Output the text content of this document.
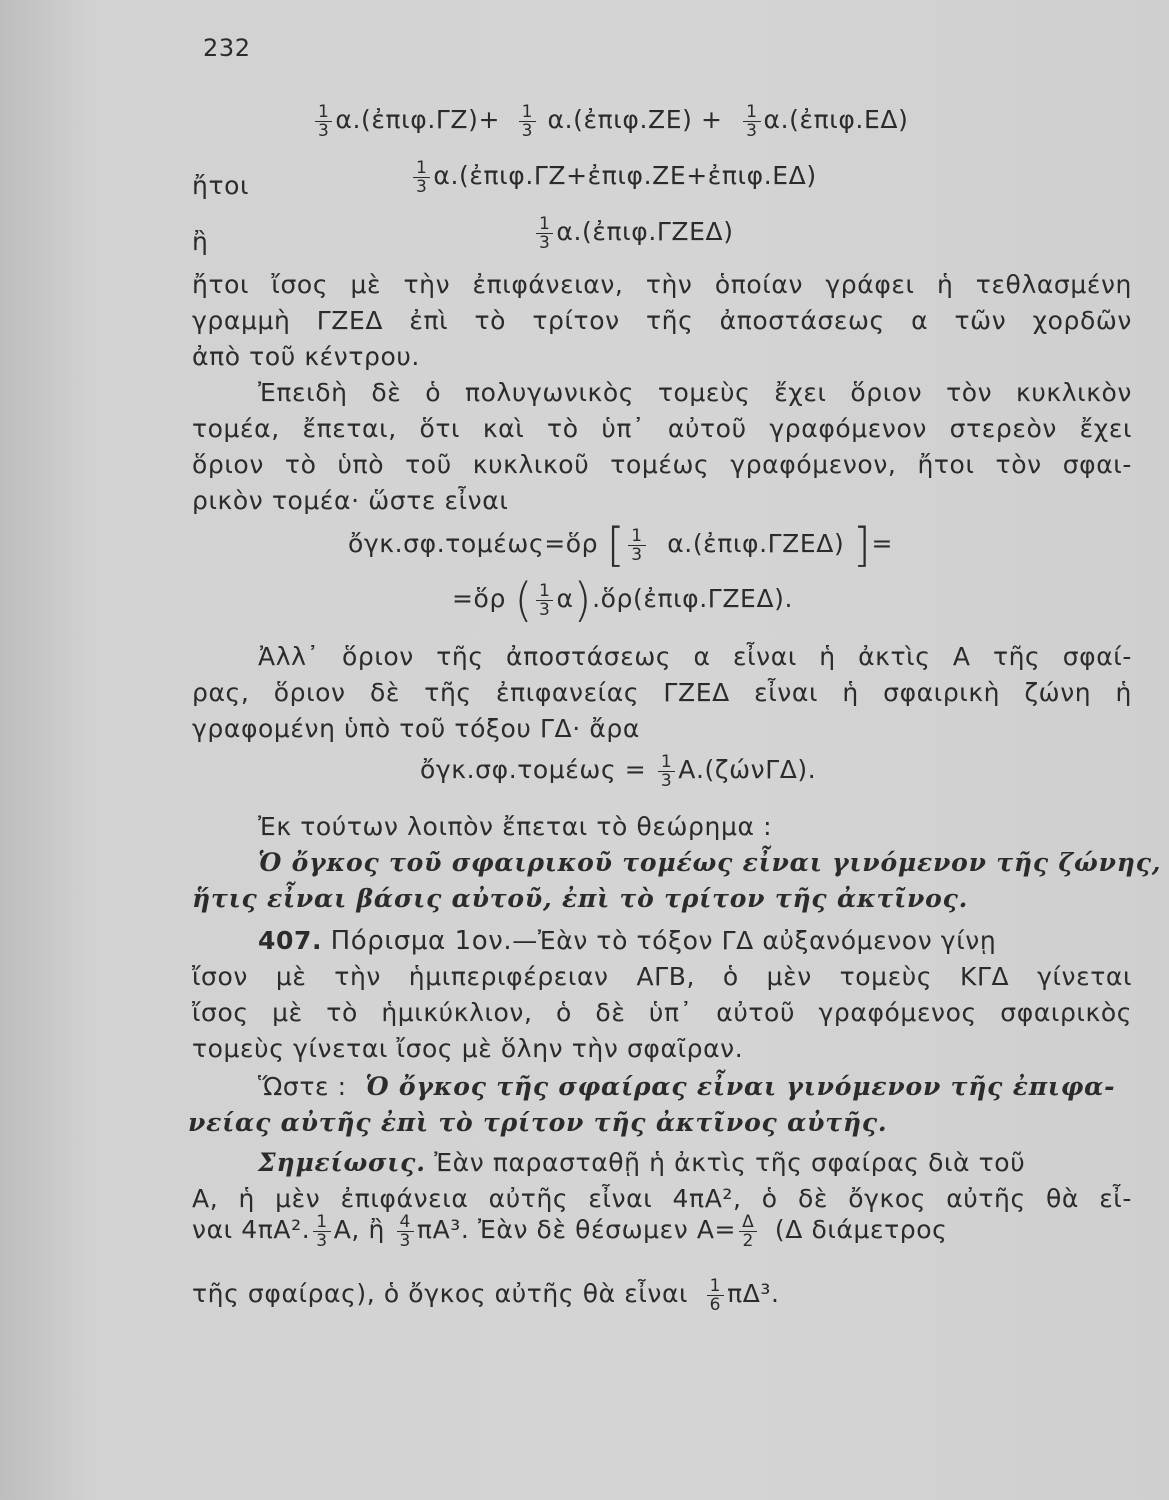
232
$\frac{1}{3}$ α.(ἐπιφ.ΓΖ)+ $\frac{1}{3}$ α.(ἐπιφ.ΖΕ) + $\frac{1}{3}$ α.(ἐπιφ.ΕΔ)
ἤτοι	$\frac{1}{3}$ α.(ἐπιφ.ΓΖ+ἐπιφ.ΖΕ+ἐπιφ.ΕΔ)
ἢ	$\frac{1}{3}$ α.(ἐπιφ.ΓΖΕΔ)
ἤτοι ἴσος μὲ τὴν ἐπιφάνειαν, τὴν ὁποίαν γράφει ἡ τεθλασμένη
γραμμὴ ΓΖΕΔ ἐπὶ τὸ τρίτον τῆς ἀποστάσεως α τῶν χορδῶν
ἀπὸ τοῦ κέντρου.
Ἐπειδὴ δὲ ὁ πολυγωνικὸς τομεὺς ἔχει ὅριον τὸν κυκλικὸν
τομέα, ἔπεται, ὅτι καὶ τὸ ὑπ᾿ αὐτοῦ γραφόμενον στερεὸν ἔχει
ὅριον τὸ ὑπὸ τοῦ κυκλικοῦ τομέως γραφόμενον, ἤτοι τὸν σφαι-
ρικὸν τομέα· ὥστε εἶναι
ὄγκ.σφ.τομέως=ὅρ [ $\frac{1}{3}$ α.(ἐπιφ.ΓΖΕΔ) ]=
=ὅρ ( $\frac{1}{3}$ α).ὅρ(ἐπιφ.ΓΖΕΔ).
Ἀλλ᾿ ὅριον τῆς ἀποστάσεως α εἶναι ἡ ἀκτὶς Α τῆς σφαί-
ρας, ὅριον δὲ τῆς ἐπιφανείας ΓΖΕΔ εἶναι ἡ σφαιρικὴ ζώνη ἡ
γραφομένη ὑπὸ τοῦ τόξου ΓΔ· ἄρα
ὄγκ.σφ.τομέως = $\frac{1}{3} A.(\zeta ώ\nu\Gamma\Delta)$.
Ἐκ τούτων λοιπὸν ἔπεται τὸ θεώρημα :
Ὁ ὄγκος τοῦ σφαιρικοῦ τομέως εἶναι γινόμενον τῆς ζώνης,
ἥτις εἶναι βάσις αὐτοῦ, ἐπὶ τὸ τρίτον τῆς ἀκτῖνος.
407. Πόρισμα 1ον.—Ἐὰν τὸ τόξον ΓΔ αὐξανόμενον γίνῃ
ἴσον μὲ τὴν ἡμιπεριφέρειαν ΑΓΒ, ὁ μὲν τομεὺς ΚΓΔ γίνεται
ἴσος μὲ τὸ ἡμικύκλιον, ὁ δὲ ὑπ᾿ αὐτοῦ γραφόμενος σφαιρικὸς
τομεὺς γίνεται ἴσος μὲ ὅλην τὴν σφαῖραν.
Ὥστε : Ὁ ὄγκος τῆς σφαίρας εἶναι γινόμενον τῆς ἐπιφα-
νείας αὐτῆς ἐπὶ τὸ τρίτον τῆς ἀκτῖνος αὐτῆς.
Σημείωσις. Ἐὰν παρασταθῇ ἡ ἀκτὶς τῆς σφαίρας διὰ τοῦ
Α, ἡ μὲν ἐπιφάνεια αὐτῆς εἶναι 4πΑ², ὁ δὲ ὄγκος αὐτῆς θὰ εἶ-
ναι 4πΑ². $\frac{1}{3} A$, ἢ $\frac{4}{3} \pi A^3$. Ἐὰν δὲ θέσωμεν $A= \frac{\Delta}{2} (\Delta$ διάμετρος
τῆς σφαίρας), ὁ ὄγκος αὐτῆς θὰ εἶναι $\frac{1}{6} \pi\Delta^3$.
